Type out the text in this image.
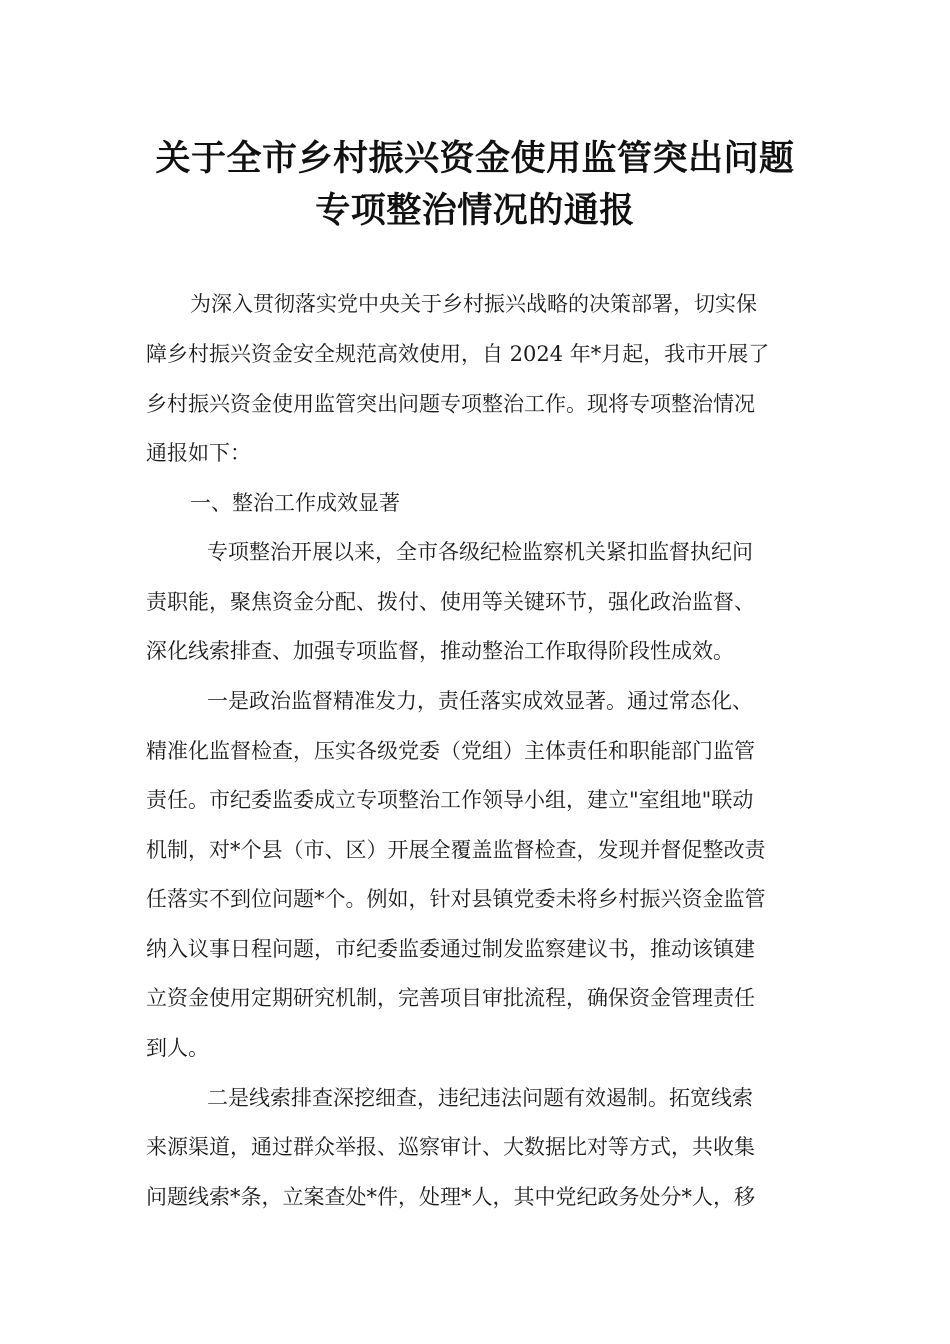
关于全市乡村振兴资金使用监管突出问题
专项整治情况的通报
为深入贯彻落实党中央关于乡村振兴战略的决策部署，切实保
障乡村振兴资金安全规范高效使用，自 2024 年*月起，我市开展了
乡村振兴资金使用监管突出问题专项整治工作。现将专项整治情况
通报如下：
一、整治工作成效显著
专项整治开展以来，全市各级纪检监察机关紧扣监督执纪问
责职能，聚焦资金分配、拨付、使用等关键环节，强化政治监督、
深化线索排查、加强专项监督，推动整治工作取得阶段性成效。
一是政治监督精准发力，责任落实成效显著。通过常态化、
精准化监督检查，压实各级党委（党组）主体责任和职能部门监管
责任。市纪委监委成立专项整治工作领导小组，建立"室组地"联动
机制，对*个县（市、区）开展全覆盖监督检查，发现并督促整改责
任落实不到位问题*个。例如，针对县镇党委未将乡村振兴资金监管
纳入议事日程问题，市纪委监委通过制发监察建议书，推动该镇建
立资金使用定期研究机制，完善项目审批流程，确保资金管理责任
到人。
二是线索排查深挖细查，违纪违法问题有效遏制。拓宽线索
来源渠道，通过群众举报、巡察审计、大数据比对等方式，共收集
问题线索*条，立案查处*件，处理*人，其中党纪政务处分*人，移
